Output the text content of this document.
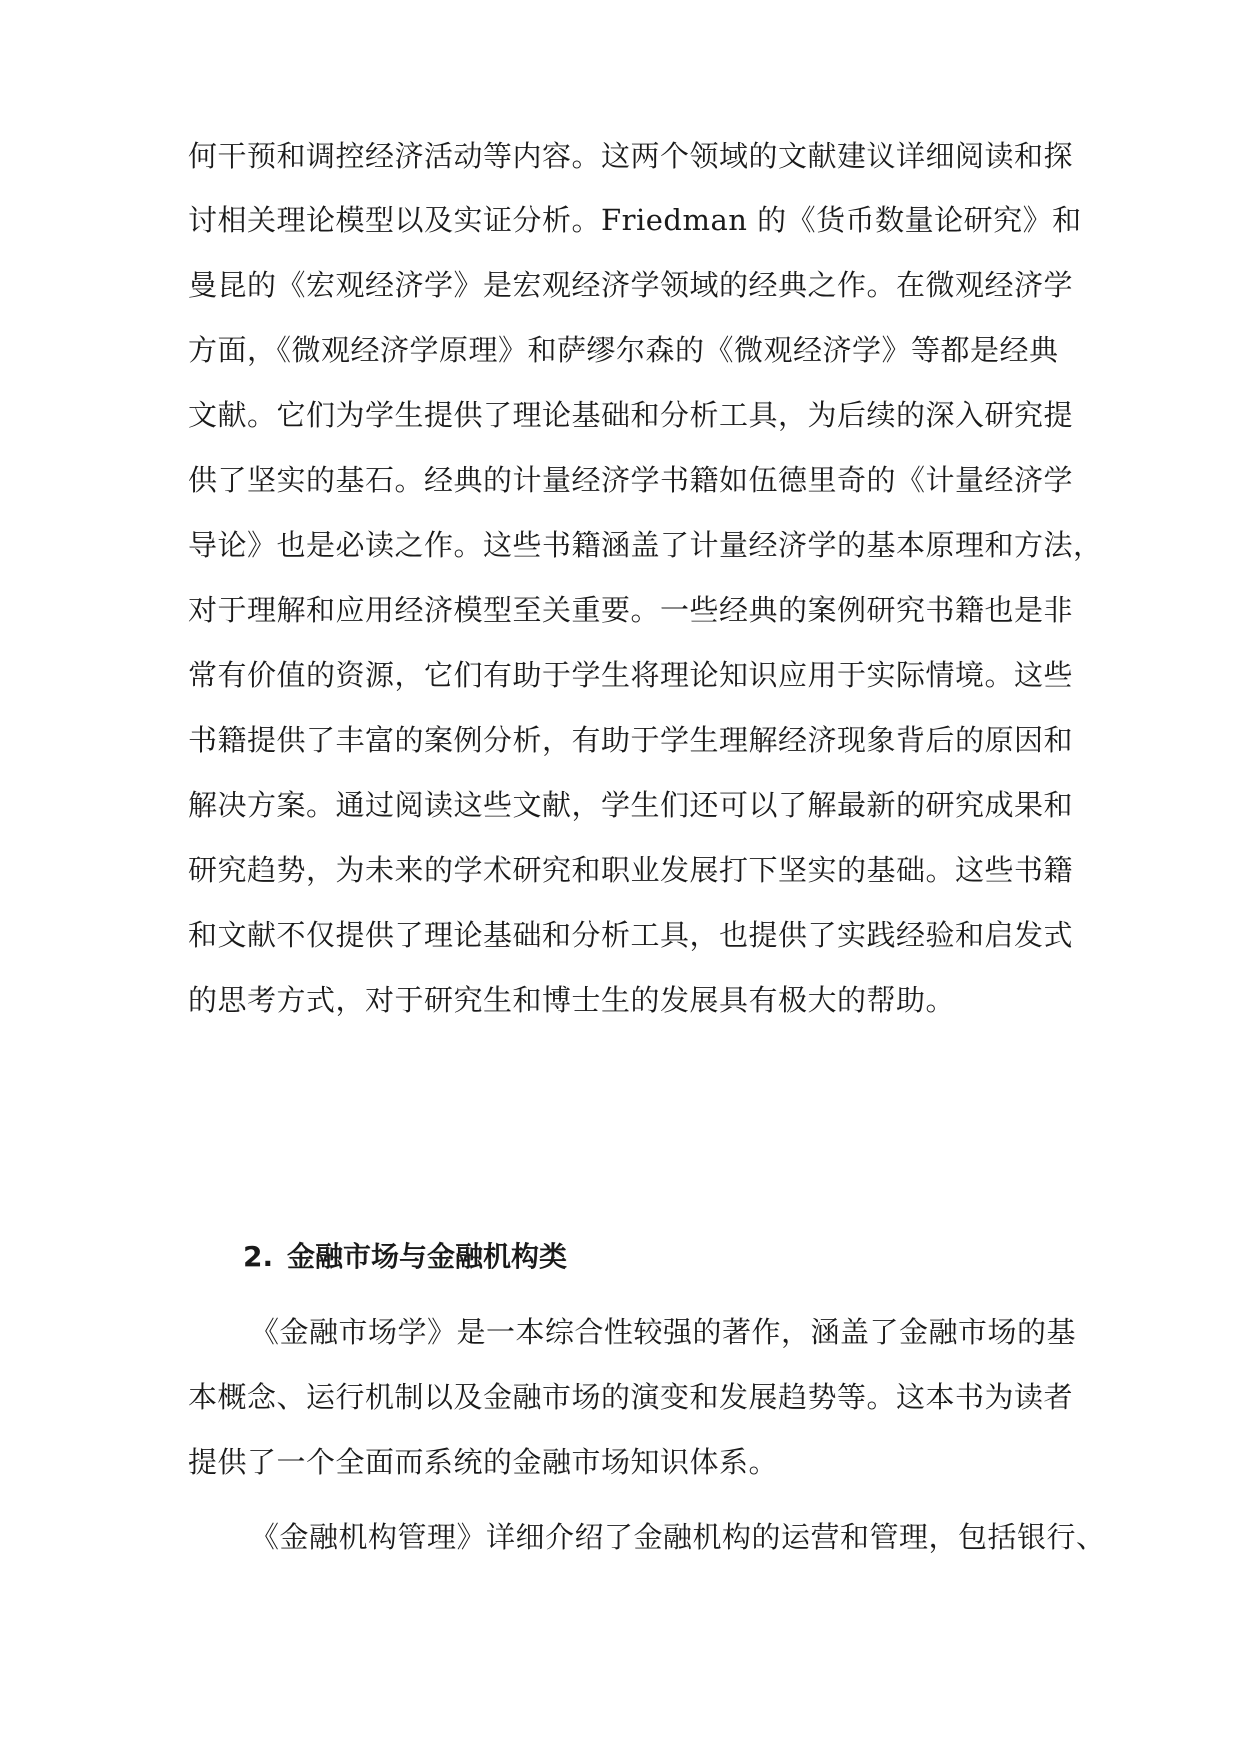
何干预和调控经济活动等内容。这两个领域的文献建议详细阅读和探
讨相关理论模型以及实证分析。Friedman 的《货币数量论研究》和
曼昆的《宏观经济学》是宏观经济学领域的经典之作。在微观经济学
方面，《微观经济学原理》和萨缪尔森的《微观经济学》等都是经典
文献。它们为学生提供了理论基础和分析工具，为后续的深入研究提
供了坚实的基石。经典的计量经济学书籍如伍德里奇的《计量经济学
导论》也是必读之作。这些书籍涵盖了计量经济学的基本原理和方法，
对于理解和应用经济模型至关重要。一些经典的案例研究书籍也是非
常有价值的资源，它们有助于学生将理论知识应用于实际情境。这些
书籍提供了丰富的案例分析，有助于学生理解经济现象背后的原因和
解决方案。通过阅读这些文献，学生们还可以了解最新的研究成果和
研究趋势，为未来的学术研究和职业发展打下坚实的基础。这些书籍
和文献不仅提供了理论基础和分析工具，也提供了实践经验和启发式
的思考方式，对于研究生和博士生的发展具有极大的帮助。
2. 金融市场与金融机构类
《金融市场学》是一本综合性较强的著作，涵盖了金融市场的基
本概念、运行机制以及金融市场的演变和发展趋势等。这本书为读者
提供了一个全面而系统的金融市场知识体系。
《金融机构管理》详细介绍了金融机构的运营和管理，包括银行、
